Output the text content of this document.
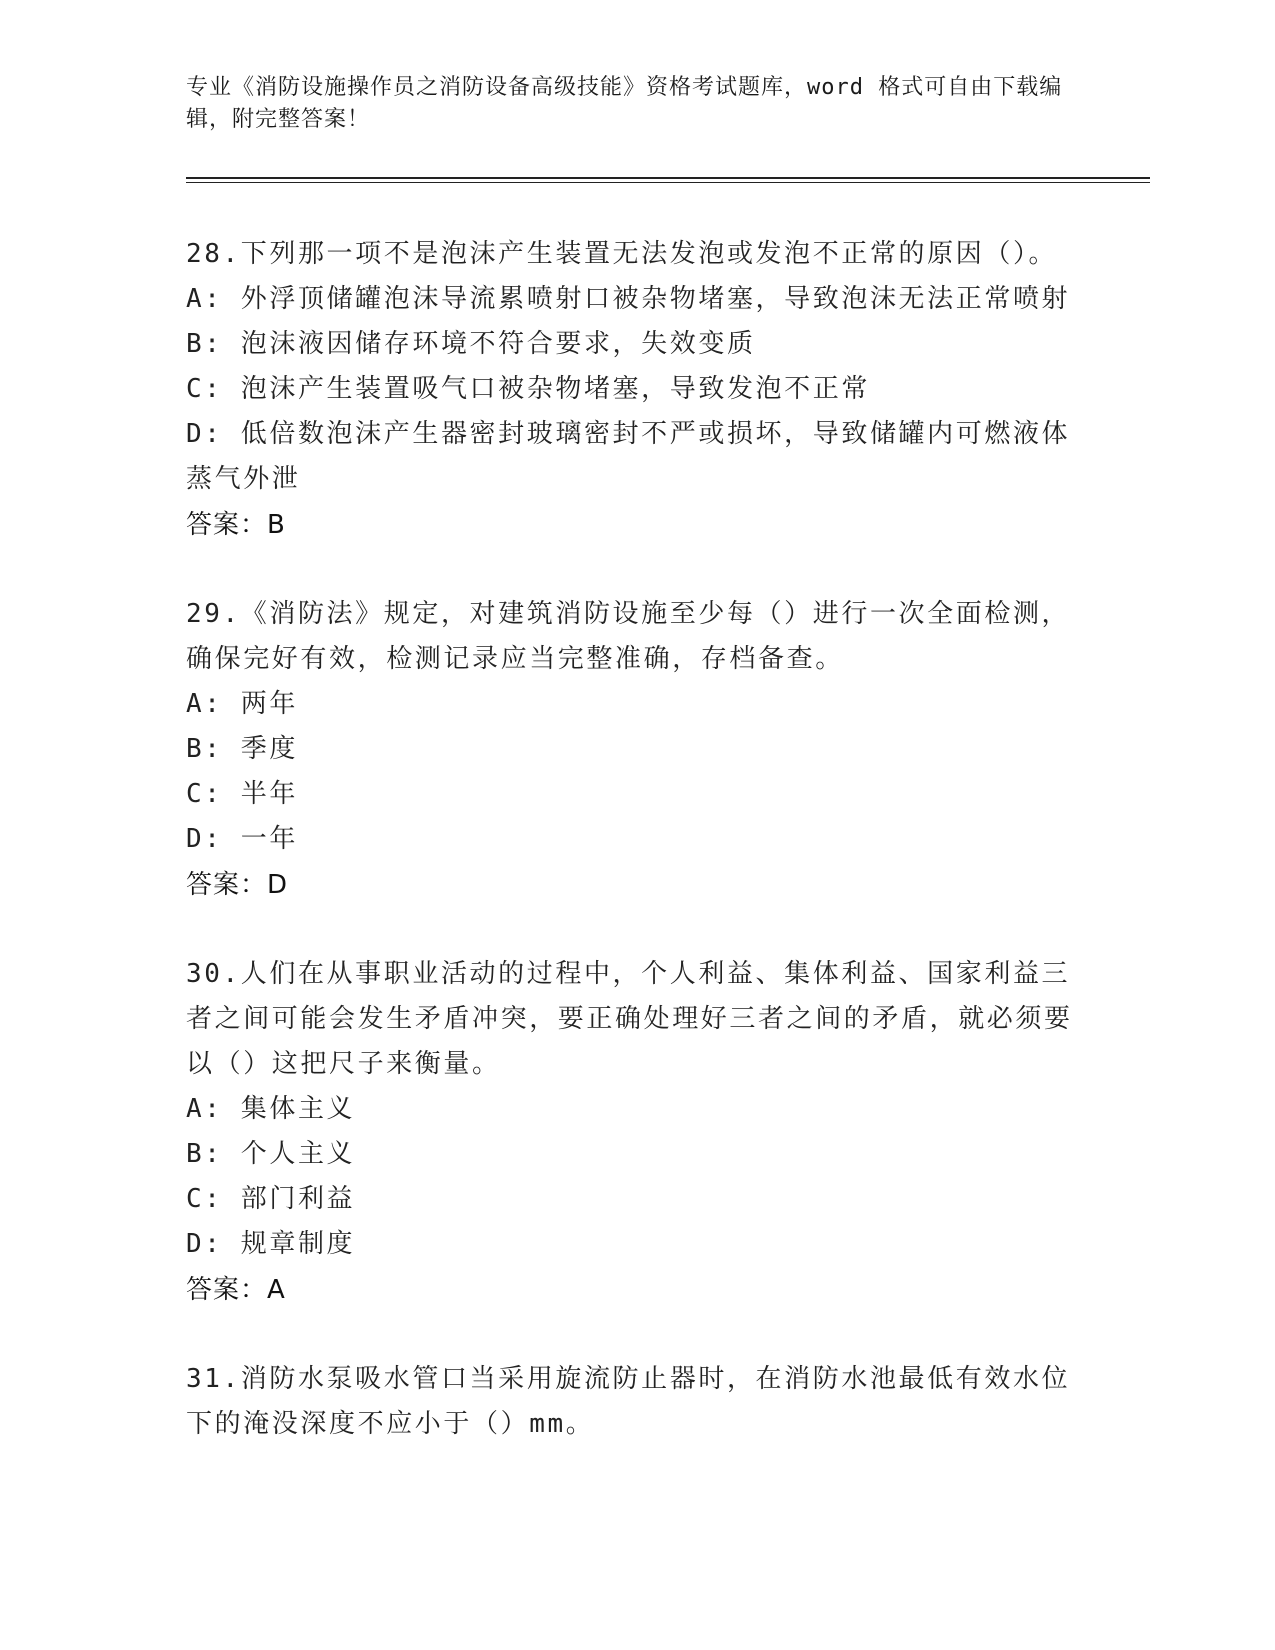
专业《消防设施操作员之消防设备高级技能》资格考试题库，word 格式可自由下载编辑，附完整答案！

28.下列那一项不是泡沫产生装置无法发泡或发泡不正常的原因（）。

A: 外浮顶储罐泡沫导流累喷射口被杂物堵塞，导致泡沫无法正常喷射

B: 泡沫液因储存环境不符合要求，失效变质

C: 泡沫产生装置吸气口被杂物堵塞，导致发泡不正常

D: 低倍数泡沫产生器密封玻璃密封不严或损坏，导致储罐内可燃液体蒸气外泄

答案：B

29.《消防法》规定，对建筑消防设施至少每（）进行一次全面检测，确保完好有效，检测记录应当完整准确，存档备查。

A: 两年

B: 季度

C: 半年

D: 一年

答案：D

30.人们在从事职业活动的过程中，个人利益、集体利益、国家利益三者之间可能会发生矛盾冲突，要正确处理好三者之间的矛盾，就必须要以（）这把尺子来衡量。

A: 集体主义

B: 个人主义

C: 部门利益

D: 规章制度

答案：A

31.消防水泵吸水管口当采用旋流防止器时，在消防水池最低有效水位下的淹没深度不应小于（）mm。
